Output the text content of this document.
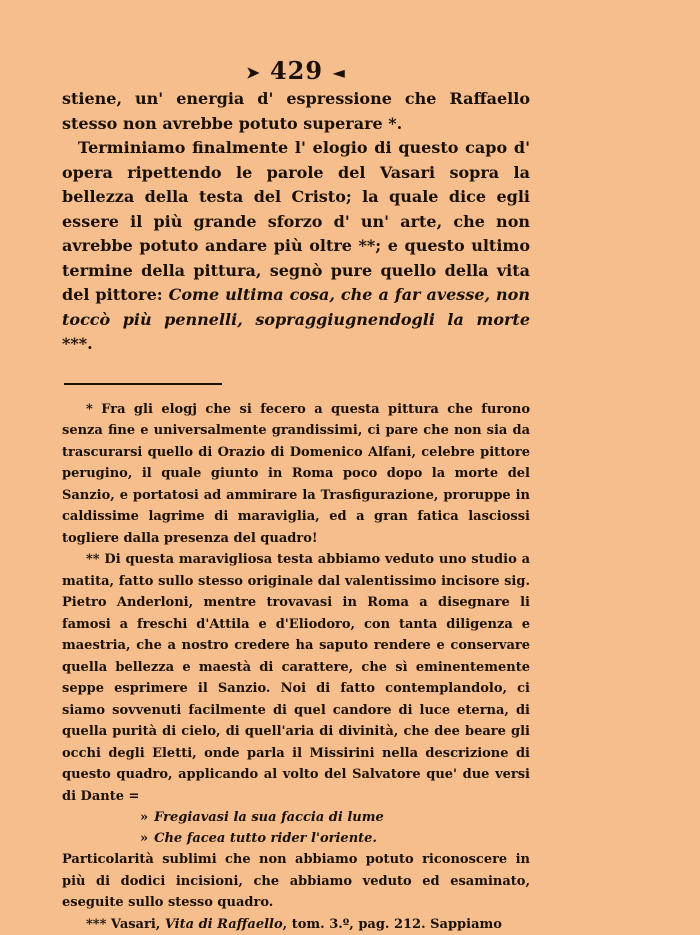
➤ 429 ◄

stiene, un' energia d' espressione che Raffaello stesso non avrebbe potuto superare *.

Terminiamo finalmente l' elogio di questo capo d' opera ripettendo le parole del Vasari sopra la bellezza della testa del Cristo; la quale dice egli essere il più grande sforzo d' un' arte, che non avrebbe potuto andare più oltre **; e questo ultimo termine della pittura, segnò pure quello della vita del pittore: Come ultima cosa, che a far avesse, non toccò più pennelli, sopraggiugnendogli la morte ***.

* Fra gli elogj che si fecero a questa pittura che furono senza fine e universalmente grandissimi, ci pare che non sia da trascurarsi quello di Orazio di Domenico Alfani, celebre pittore perugino, il quale giunto in Roma poco dopo la morte del Sanzio, e portatosi ad ammirare la Trasfigurazione, proruppe in caldissime lagrime di maraviglia, ed a gran fatica lasciossi togliere dalla presenza del quadro!

** Di questa maravigliosa testa abbiamo veduto uno studio a matita, fatto sullo stesso originale dal valentissimo incisore sig. Pietro Anderloni, mentre trovavasi in Roma a disegnare li famosi a freschi d'Attila e d'Eliodoro, con tanta diligenza e maestria, che a nostro credere ha saputo rendere e conservare quella bellezza e maestà di carattere, che sì eminentemente seppe esprimere il Sanzio. Noi di fatto contemplandolo, ci siamo sovvenuti facilmente di quel candore di luce eterna, di quella purità di cielo, di quell'aria di divinità, che dee beare gli occhi degli Eletti, onde parla il Missirini nella descrizione di questo quadro, applicando al volto del Salvatore que' due versi di Dante =

» Fregiavasi la sua faccia di lume

» Che facea tutto rider l'oriente.

Particolarità sublimi che non abbiamo potuto riconoscere in più di dodici incisioni, che abbiamo veduto ed esaminato, eseguite sullo stesso quadro.

*** Vasari, Vita di Raffaello, tom. 3.º, pag. 212. Sappiamo
